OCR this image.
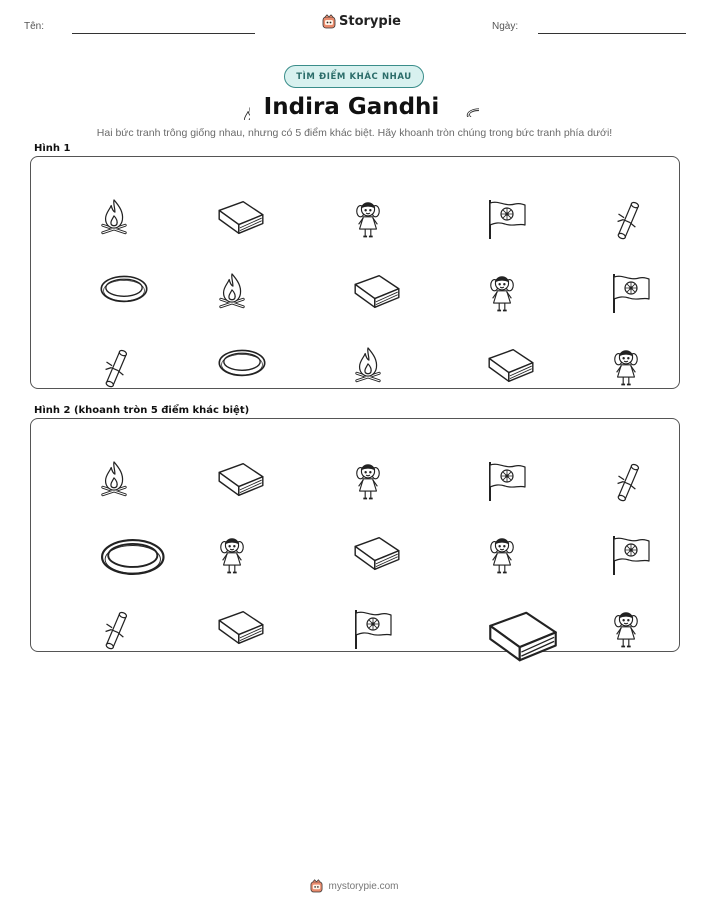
Tên:	Storypie	Ngày:
TÌM ĐIỂM KHÁC NHAU
Indira Gandhi
Hai bức tranh trông giống nhau, nhưng có 5 điểm khác biệt. Hãy khoanh tròn chúng trong bức tranh phía dưới!
Hình 1
Hình 2 (khoanh tròn 5 điểm khác biệt)
mystorypie.com
